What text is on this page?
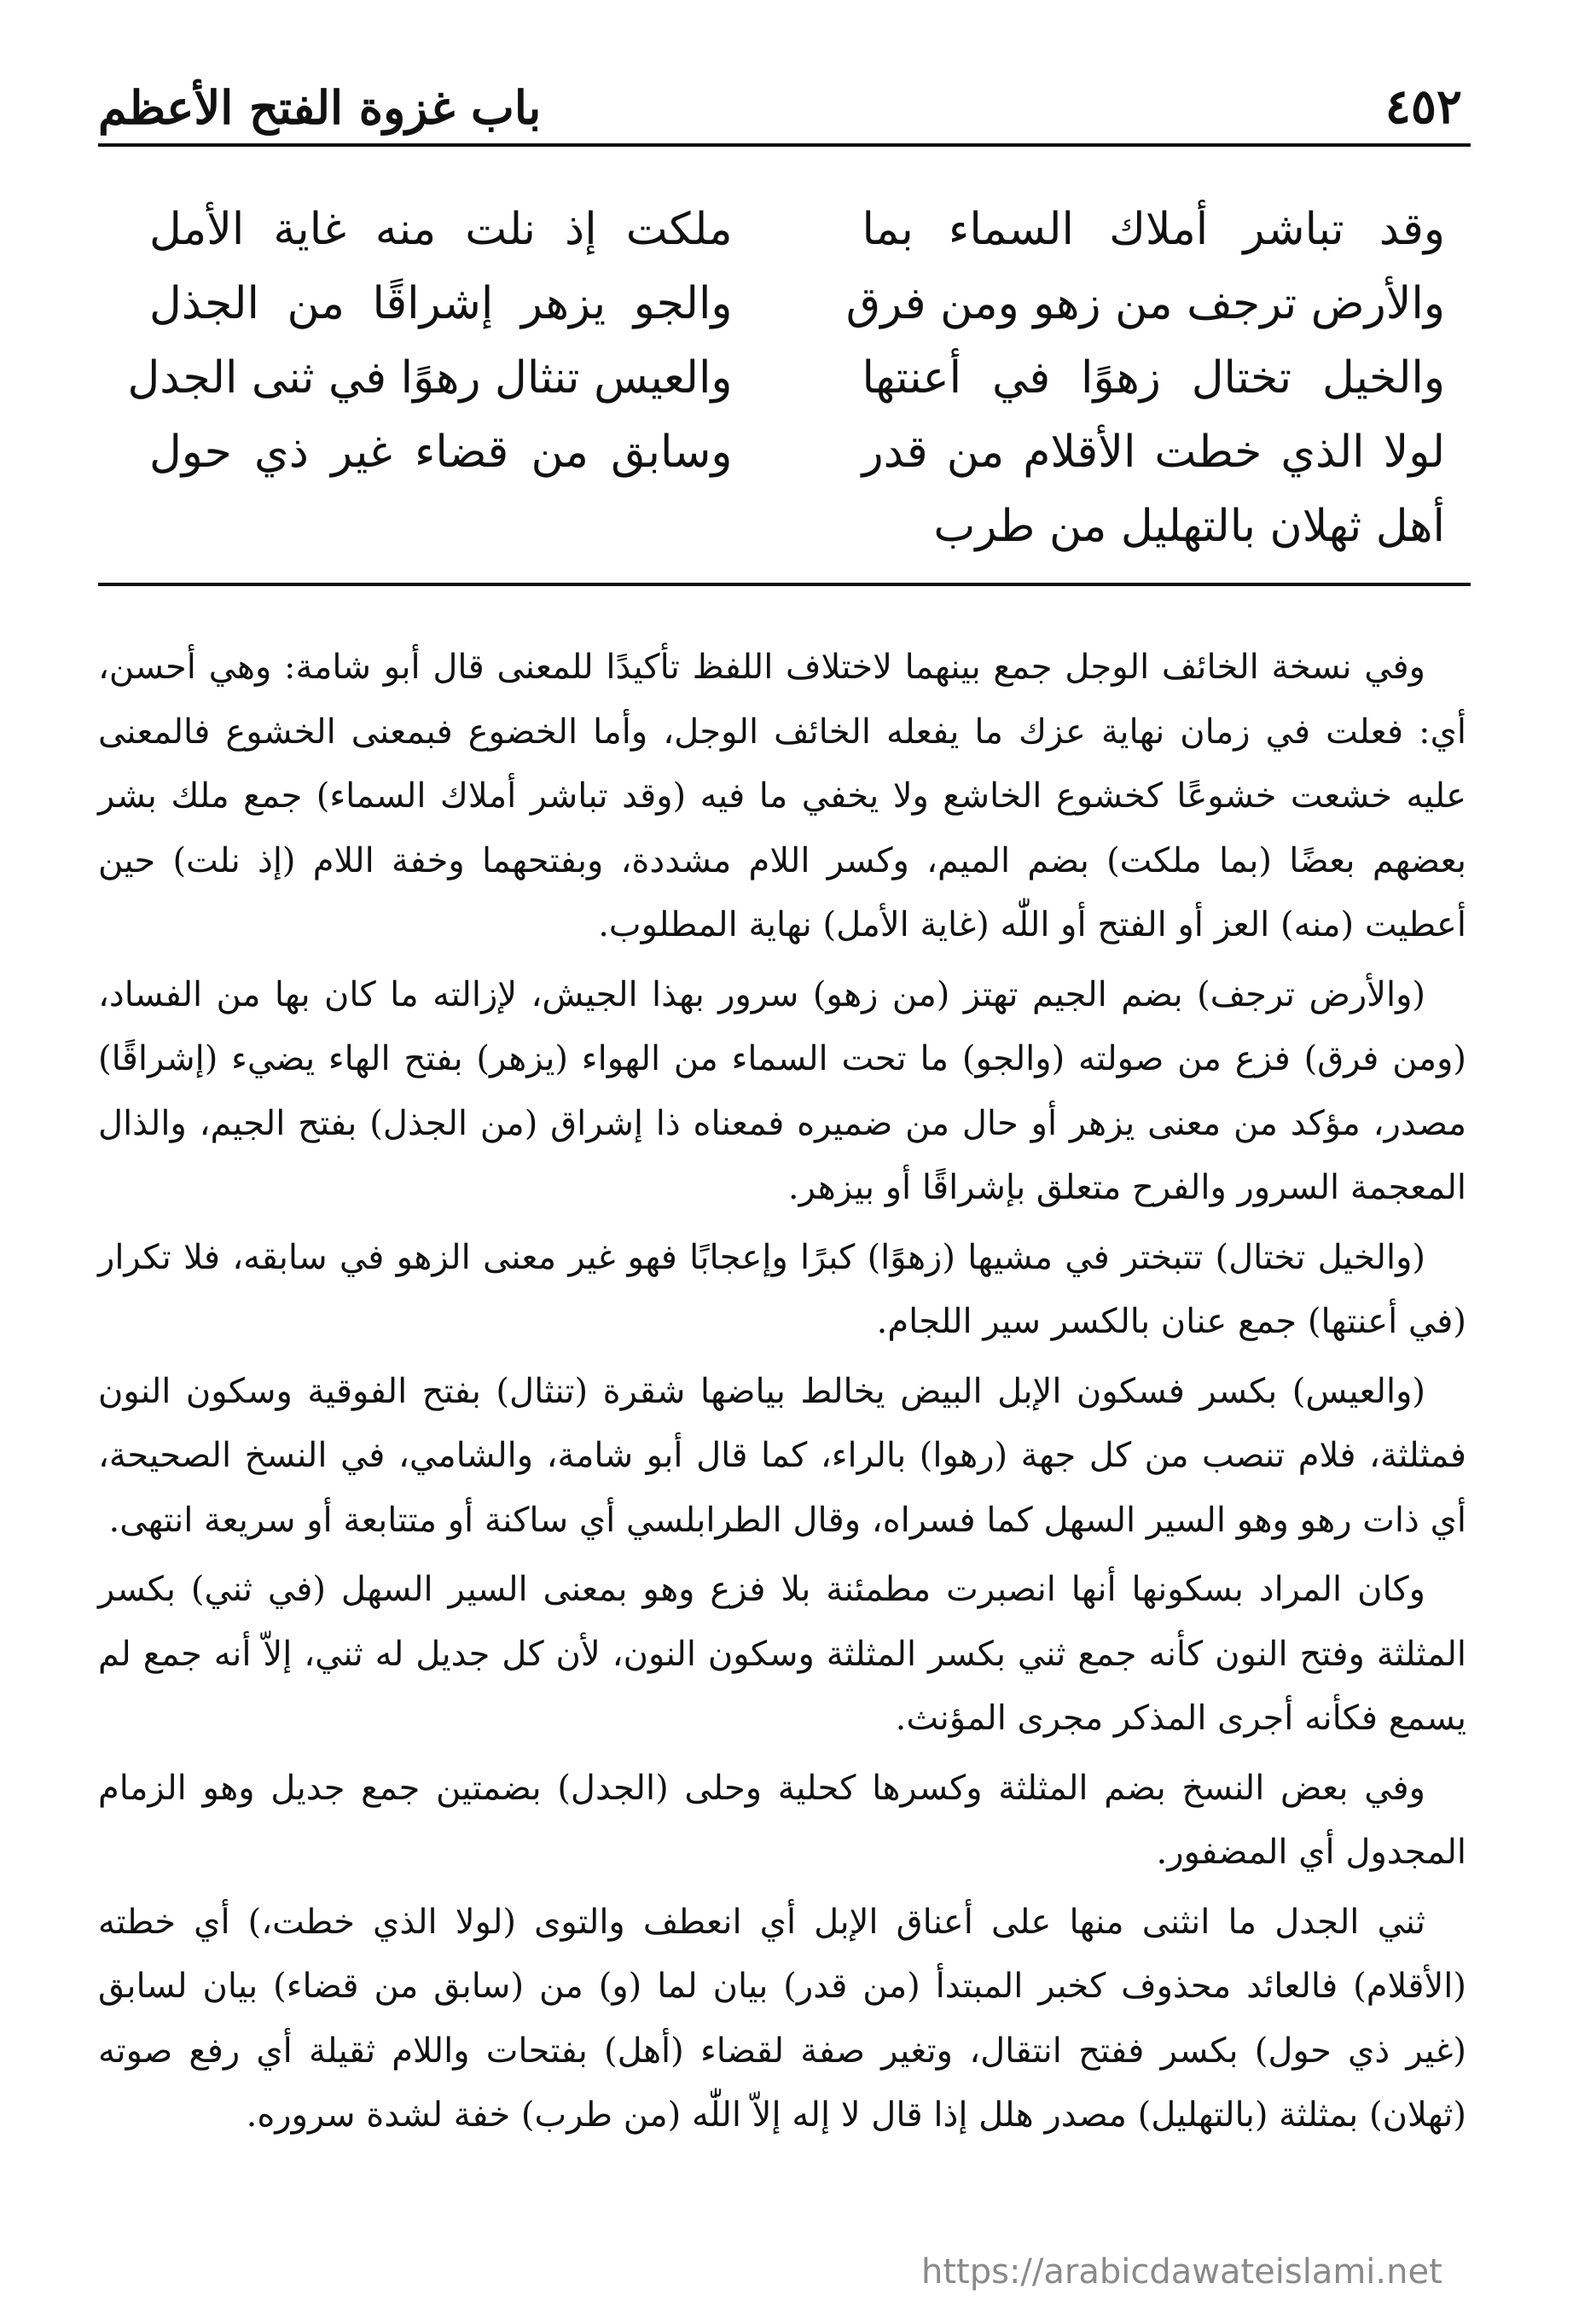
٤٥٢
باب غزوة الفتح الأعظم
وقد تباشر أملاك السماء بما
ملكت إذ نلت منه غاية الأمل
والأرض ترجف من زهو ومن فرق
والجو يزهر إشراقًا من الجذل
والخيل تختال زهوًا في أعنتها
والعيس تنثال رهوًا في ثنى الجدل
لولا الذي خطت الأقلام من قدر
وسابق من قضاء غير ذي حول
أهل ثهلان بالتهليل من طرب

وفي نسخة الخائف الوجل جمع بينهما لاختلاف اللفظ تأكيدًا للمعنى قال أبو شامة: وهي أحسن، أي: فعلت في زمان نهاية عزك ما يفعله الخائف الوجل، وأما الخضوع فبمعنى الخشوع فالمعنى عليه خشعت خشوعًا كخشوع الخاشع ولا يخفي ما فيه (وقد تباشر أملاك السماء) جمع ملك بشر بعضهم بعضًا (بما ملكت) بضم الميم، وكسر اللام مشددة، وبفتحهما وخفة اللام (إذ نلت) حين أعطيت (منه) العز أو الفتح أو اللّٰه (غاية الأمل) نهاية المطلوب.

(والأرض ترجف) بضم الجيم تهتز (من زهو) سرور بهذا الجيش، لإزالته ما كان بها من الفساد، (ومن فرق) فزع من صولته (والجو) ما تحت السماء من الهواء (يزهر) بفتح الهاء يضيء (إشراقًا) مصدر، مؤكد من معنى يزهر أو حال من ضميره فمعناه ذا إشراق (من الجذل) بفتح الجيم، والذال المعجمة السرور والفرح متعلق بإشراقًا أو بيزهر.

(والخيل تختال) تتبختر في مشيها (زهوًا) كبرًا وإعجابًا فهو غير معنى الزهو في سابقه، فلا تكرار (في أعنتها) جمع عنان بالكسر سير اللجام.

(والعيس) بكسر فسكون الإبل البيض يخالط بياضها شقرة (تنثال) بفتح الفوقية وسكون النون فمثلثة، فلام تنصب من كل جهة (رهوا) بالراء، كما قال أبو شامة، والشامي، في النسخ الصحيحة، أي ذات رهو وهو السير السهل كما فسراه، وقال الطرابلسي أي ساكنة أو متتابعة أو سريعة انتهى.

وكان المراد بسكونها أنها انصبرت مطمئنة بلا فزع وهو بمعنى السير السهل (في ثني) بكسر المثلثة وفتح النون كأنه جمع ثني بكسر المثلثة وسكون النون، لأن كل جديل له ثني، إلاّ أنه جمع لم يسمع فكأنه أجرى المذكر مجرى المؤنث.

وفي بعض النسخ بضم المثلثة وكسرها كحلية وحلى (الجدل) بضمتين جمع جديل وهو الزمام المجدول أي المضفور.

ثني الجدل ما انثنى منها على أعناق الإبل أي انعطف والتوى (لولا الذي خطت،) أي خطته (الأقلام) فالعائد محذوف كخبر المبتدأ (من قدر) بيان لما (و) من (سابق من قضاء) بيان لسابق (غير ذي حول) بكسر ففتح انتقال، وتغير صفة لقضاء (أهل) بفتحات واللام ثقيلة أي رفع صوته (ثهلان) بمثلثة (بالتهليل) مصدر هلل إذا قال لا إله إلاّ اللّٰه (من طرب) خفة لشدة سروره.

https://arabicdawateislami.net
